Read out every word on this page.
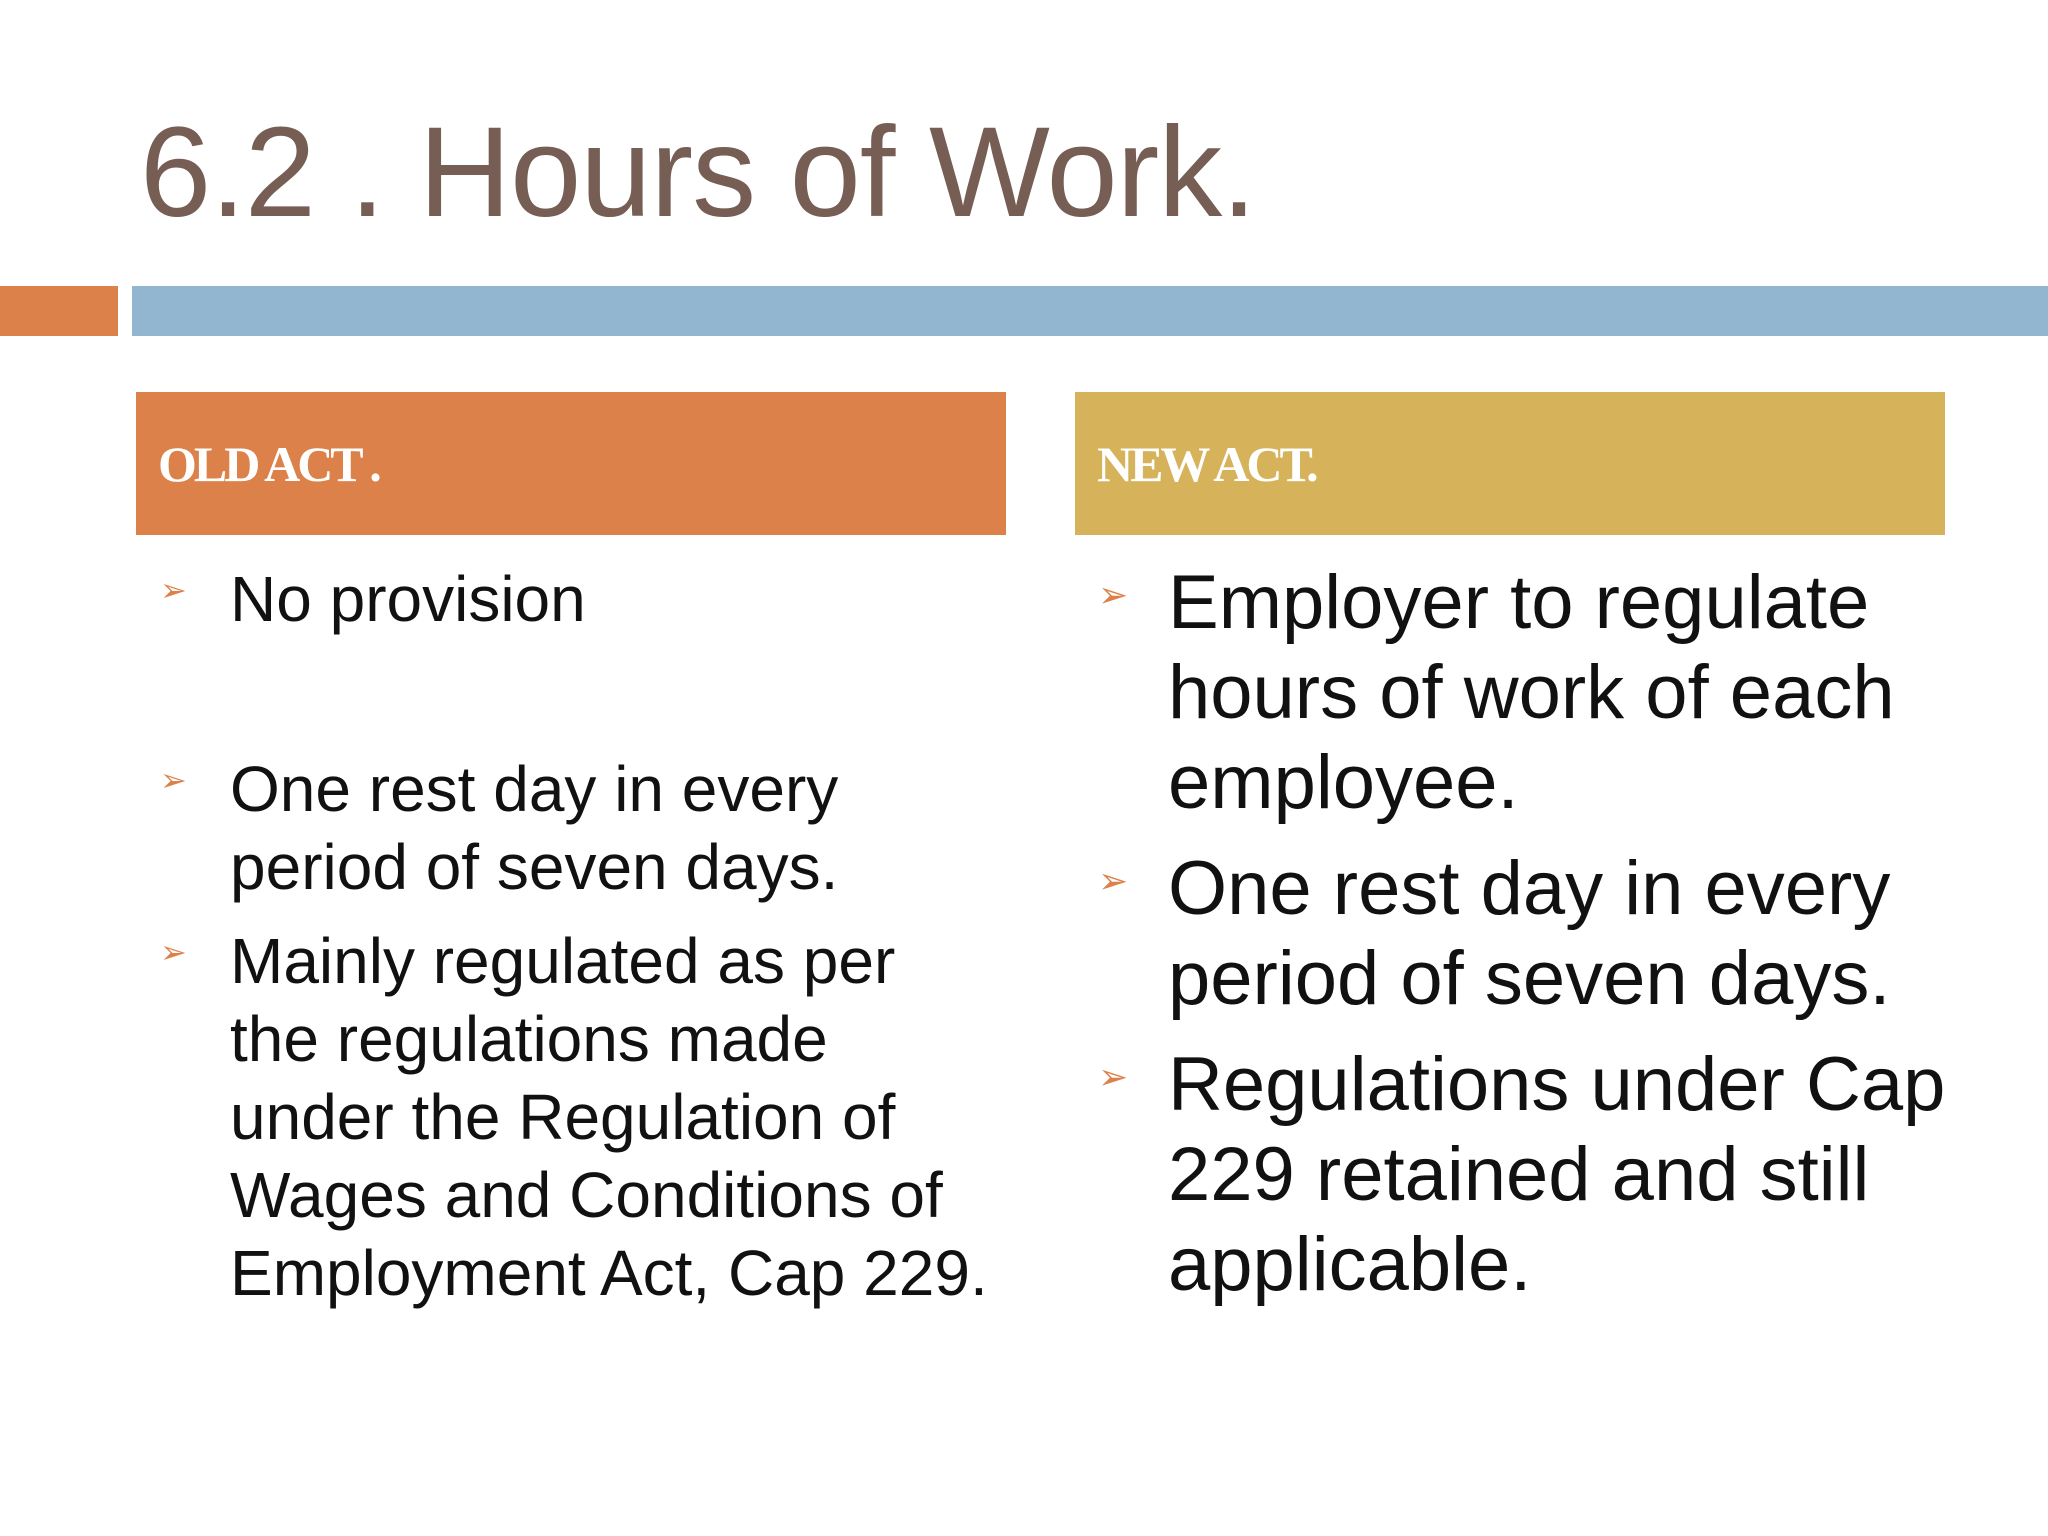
6.2 . Hours of Work.
OLD ACT .	NEW ACT.
➢ No provision
➢ One rest day in every period of seven days.
➢ Mainly regulated as per the regulations made under the Regulation of Wages and Conditions of Employment Act, Cap 229.
➢ Employer to regulate hours of work of each employee.
➢ One rest day in every period of seven days.
➢ Regulations under Cap 229 retained and still applicable.
